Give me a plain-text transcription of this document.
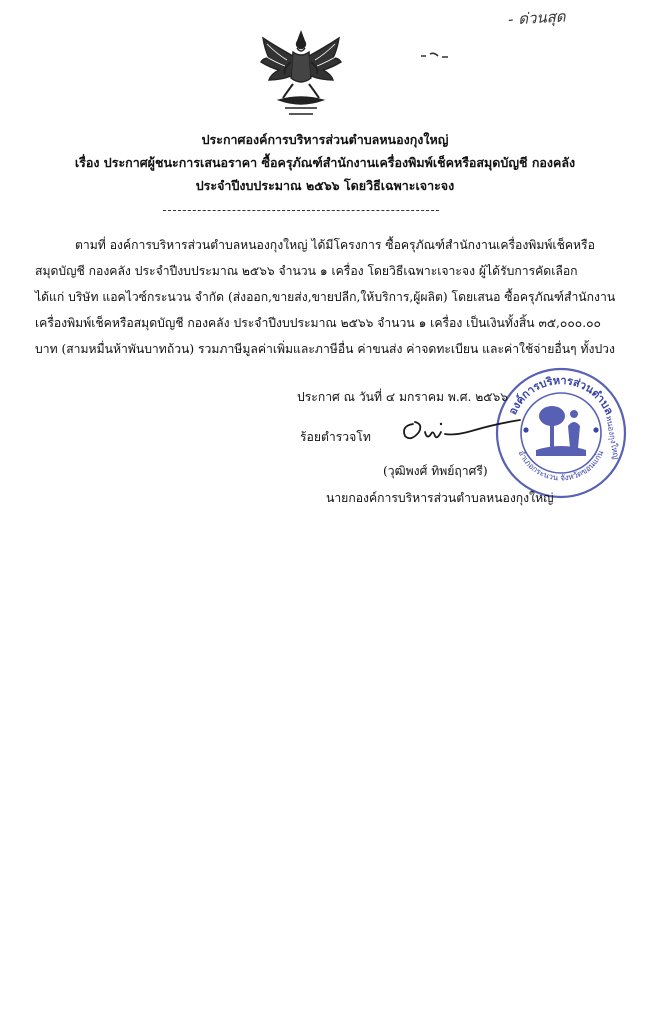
- ด่วนสุด
ประกาศองค์การบริหารส่วนตำบลหนองกุงใหญ่
เรื่อง ประกาศผู้ชนะการเสนอราคา ซื้อครุภัณฑ์สำนักงานเครื่องพิมพ์เช็คหรือสมุดบัญชี กองคลัง
ประจำปีงบประมาณ ๒๕๖๖ โดยวิธีเฉพาะเจาะจง
ตามที่ องค์การบริหารส่วนตำบลหนองกุงใหญ่ ได้มีโครงการ ซื้อครุภัณฑ์สำนักงานเครื่องพิมพ์เช็คหรือ
สมุดบัญชี กองคลัง ประจำปีงบประมาณ ๒๕๖๖ จำนวน ๑ เครื่อง โดยวิธีเฉพาะเจาะจง ผู้ได้รับการคัดเลือก
ได้แก่ บริษัท แอคไวซ์กระนวน จำกัด (ส่งออก,ขายส่ง,ขายปลีก,ให้บริการ,ผู้ผลิต) โดยเสนอ ซื้อครุภัณฑ์สำนักงาน
เครื่องพิมพ์เช็คหรือสมุดบัญชี กองคลัง ประจำปีงบประมาณ ๒๕๖๖ จำนวน ๑ เครื่อง เป็นเงินทั้งสิ้น ๓๕,๐๐๐.๐๐
บาท (สามหมื่นห้าพันบาทถ้วน) รวมภาษีมูลค่าเพิ่มและภาษีอื่น ค่าขนส่ง ค่าจดทะเบียน และค่าใช้จ่ายอื่นๆ ทั้งปวง
องค์การบริหารส่วนตำบล
อำเภอกระนวน จังหวัดขอนแก่น
หนองกุงใหญ่
ประกาศ ณ วันที่ ๔ มกราคม พ.ศ. ๒๕๖๖
ร้อยตำรวจโท
(วุฒิพงศ์ ทิพย์ฤาศรี)
นายกองค์การบริหารส่วนตำบลหนองกุงใหญ่
